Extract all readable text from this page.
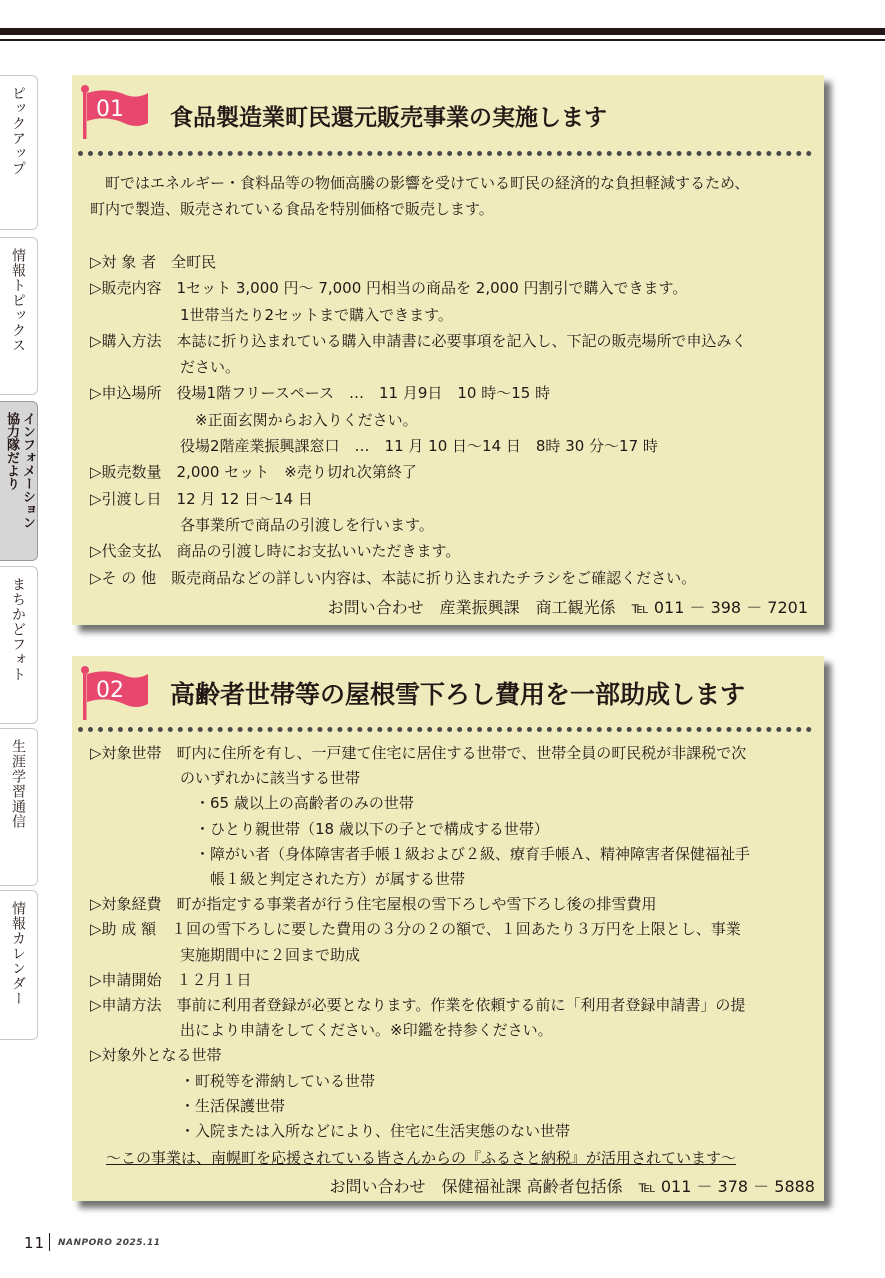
ピックアップ
情報トピックス
インフォメーション
協力隊だより
まちかどフォト
生涯学習通信
情報カレンダー
01 食品製造業町民還元販売事業の実施します
　町ではエネルギー・食料品等の物価高騰の影響を受けている町民の経済的な負担軽減するため、
町内で製造、販売されている食品を特別価格で販売します。
▷対 象 者　全町民
▷販売内容　1セット 3,000 円～ 7,000 円相当の商品を 2,000 円割引で購入できます。
　　　　　　1世帯当たり2セットまで購入できます。
▷購入方法　本誌に折り込まれている購入申請書に必要事項を記入し、下記の販売場所で申込みく
　　　　　　ださい。
▷申込場所　役場1階フリースペース　…　11 月9日　10 時～15 時
　　　　　　　※正面玄関からお入りください。
　　　　　　役場2階産業振興課窓口　…　11 月 10 日～14 日　8時 30 分～17 時
▷販売数量　2,000 セット　※売り切れ次第終了
▷引渡し日　12 月 12 日～14 日
　　　　　　各事業所で商品の引渡しを行います。
▷代金支払　商品の引渡し時にお支払いいただきます。
▷そ の 他　販売商品などの詳しい内容は、本誌に折り込まれたチラシをご確認ください。
お問い合わせ　産業振興課　商工観光係　℡ 011 － 398 － 7201
02 高齢者世帯等の屋根雪下ろし費用を一部助成します
▷対象世帯　町内に住所を有し、一戸建て住宅に居住する世帯で、世帯全員の町民税が非課税で次
　　　　　　のいずれかに該当する世帯
　　　　　　　・65 歳以上の高齢者のみの世帯
　　　　　　　・ひとり親世帯（18 歳以下の子とで構成する世帯）
　　　　　　　・障がい者（身体障害者手帳１級および２級、療育手帳Ａ、精神障害者保健福祉手
　　　　　　　　帳１級と判定された方）が属する世帯
▷対象経費　町が指定する事業者が行う住宅屋根の雪下ろしや雪下ろし後の排雪費用
▷助 成 額　１回の雪下ろしに要した費用の３分の２の額で、１回あたり３万円を上限とし、事業
　　　　　　実施期間中に２回まで助成
▷申請開始　１２月１日
▷申請方法　事前に利用者登録が必要となります。作業を依頼する前に「利用者登録申請書」の提
　　　　　　出により申請をしてください。※印鑑を持参ください。
▷対象外となる世帯
　　　　　　・町税等を滞納している世帯
　　　　　　・生活保護世帯
　　　　　　・入院または入所などにより、住宅に生活実態のない世帯
～この事業は、南幌町を応援されている皆さんからの『ふるさと納税』が活用されています～
お問い合わせ　保健福祉課 高齢者包括係　℡ 011 － 378 － 5888
11 NANPORO 2025.11
